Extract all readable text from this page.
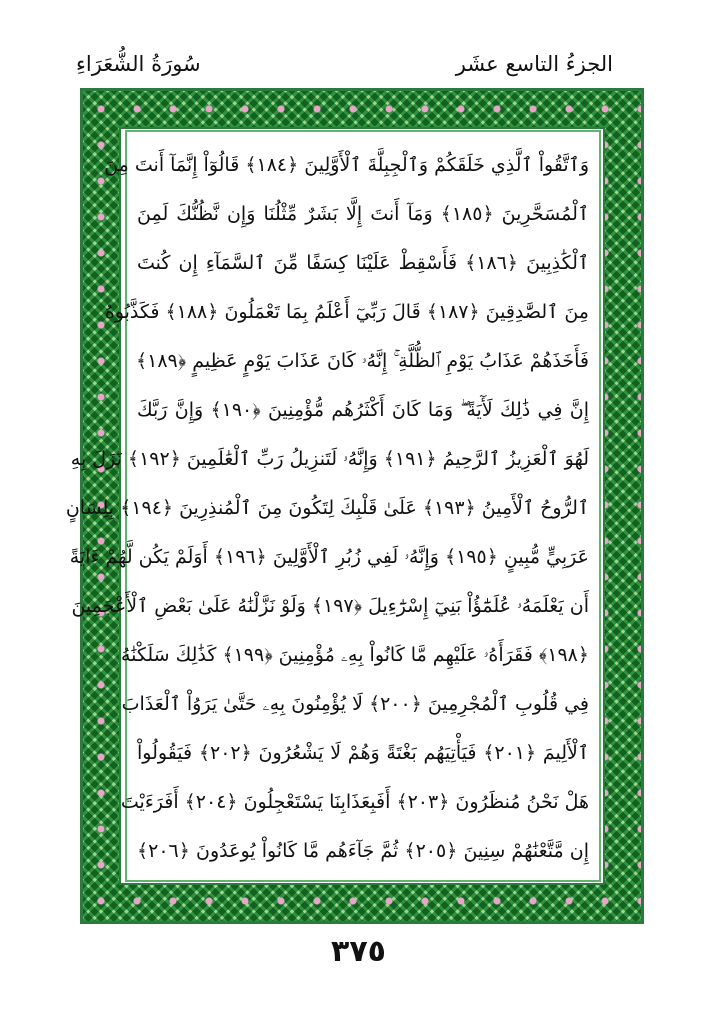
الجزءُ التاسع عشَر
سُورَةُ الشُّعَرَاءِ
وَٱتَّقُواْ ٱلَّذِي خَلَقَكُمْ وَٱلْجِبِلَّةَ ٱلْأَوَّلِينَ ﴿١٨٤﴾ قَالُوٓاْ إِنَّمَآ أَنتَ مِنَ
ٱلْمُسَحَّرِينَ ﴿١٨٥﴾ وَمَآ أَنتَ إِلَّا بَشَرٌ مِّثْلُنَا وَإِن نَّظُنُّكَ لَمِنَ
ٱلْكَٰذِبِينَ ﴿١٨٦﴾ فَأَسْقِطْ عَلَيْنَا كِسَفًا مِّنَ ٱلسَّمَآءِ إِن كُنتَ
مِنَ ٱلصَّٰدِقِينَ ﴿١٨٧﴾ قَالَ رَبِّيٓ أَعْلَمُ بِمَا تَعْمَلُونَ ﴿١٨٨﴾ فَكَذَّبُوهُ
فَأَخَذَهُمْ عَذَابُ يَوْمِ ٱلظُّلَّةِ ۚ إِنَّهُۥ كَانَ عَذَابَ يَوْمٍ عَظِيمٍ ﴿١٨٩﴾
إِنَّ فِي ذَٰلِكَ لَأٓيَةً ۖ وَمَا كَانَ أَكْثَرُهُم مُّؤْمِنِينَ ﴿١٩٠﴾ وَإِنَّ رَبَّكَ
لَهُوَ ٱلْعَزِيزُ ٱلرَّحِيمُ ﴿١٩١﴾ وَإِنَّهُۥ لَتَنزِيلُ رَبِّ ٱلْعَٰلَمِينَ ﴿١٩٢﴾ نَزَلَ بِهِ
ٱلرُّوحُ ٱلْأَمِينُ ﴿١٩٣﴾ عَلَىٰ قَلْبِكَ لِتَكُونَ مِنَ ٱلْمُنذِرِينَ ﴿١٩٤﴾ بِلِسَانٍ
عَرَبِيٍّ مُّبِينٍ ﴿١٩٥﴾ وَإِنَّهُۥ لَفِي زُبُرِ ٱلْأَوَّلِينَ ﴿١٩٦﴾ أَوَلَمْ يَكُن لَّهُمْ ءَايَةً
أَن يَعْلَمَهُۥ عُلَمَٰٓؤُاْ بَنِيٓ إِسْرَٰٓءِيلَ ﴿١٩٧﴾ وَلَوْ نَزَّلْنَٰهُ عَلَىٰ بَعْضِ ٱلْأَعْجَمِينَ
﴿١٩٨﴾ فَقَرَأَهُۥ عَلَيْهِم مَّا كَانُواْ بِهِۦ مُؤْمِنِينَ ﴿١٩٩﴾ كَذَٰلِكَ سَلَكْنَٰهُ
فِي قُلُوبِ ٱلْمُجْرِمِينَ ﴿٢٠٠﴾ لَا يُؤْمِنُونَ بِهِۦ حَتَّىٰ يَرَوُاْ ٱلْعَذَابَ
ٱلْأَلِيمَ ﴿٢٠١﴾ فَيَأْتِيَهُم بَغْتَةً وَهُمْ لَا يَشْعُرُونَ ﴿٢٠٢﴾ فَيَقُولُواْ
هَلْ نَحْنُ مُنظَرُونَ ﴿٢٠٣﴾ أَفَبِعَذَابِنَا يَسْتَعْجِلُونَ ﴿٢٠٤﴾ أَفَرَءَيْتَ
إِن مَّتَّعْنَٰهُمْ سِنِينَ ﴿٢٠٥﴾ ثُمَّ جَآءَهُم مَّا كَانُواْ يُوعَدُونَ ﴿٢٠٦﴾
٣٧٥
